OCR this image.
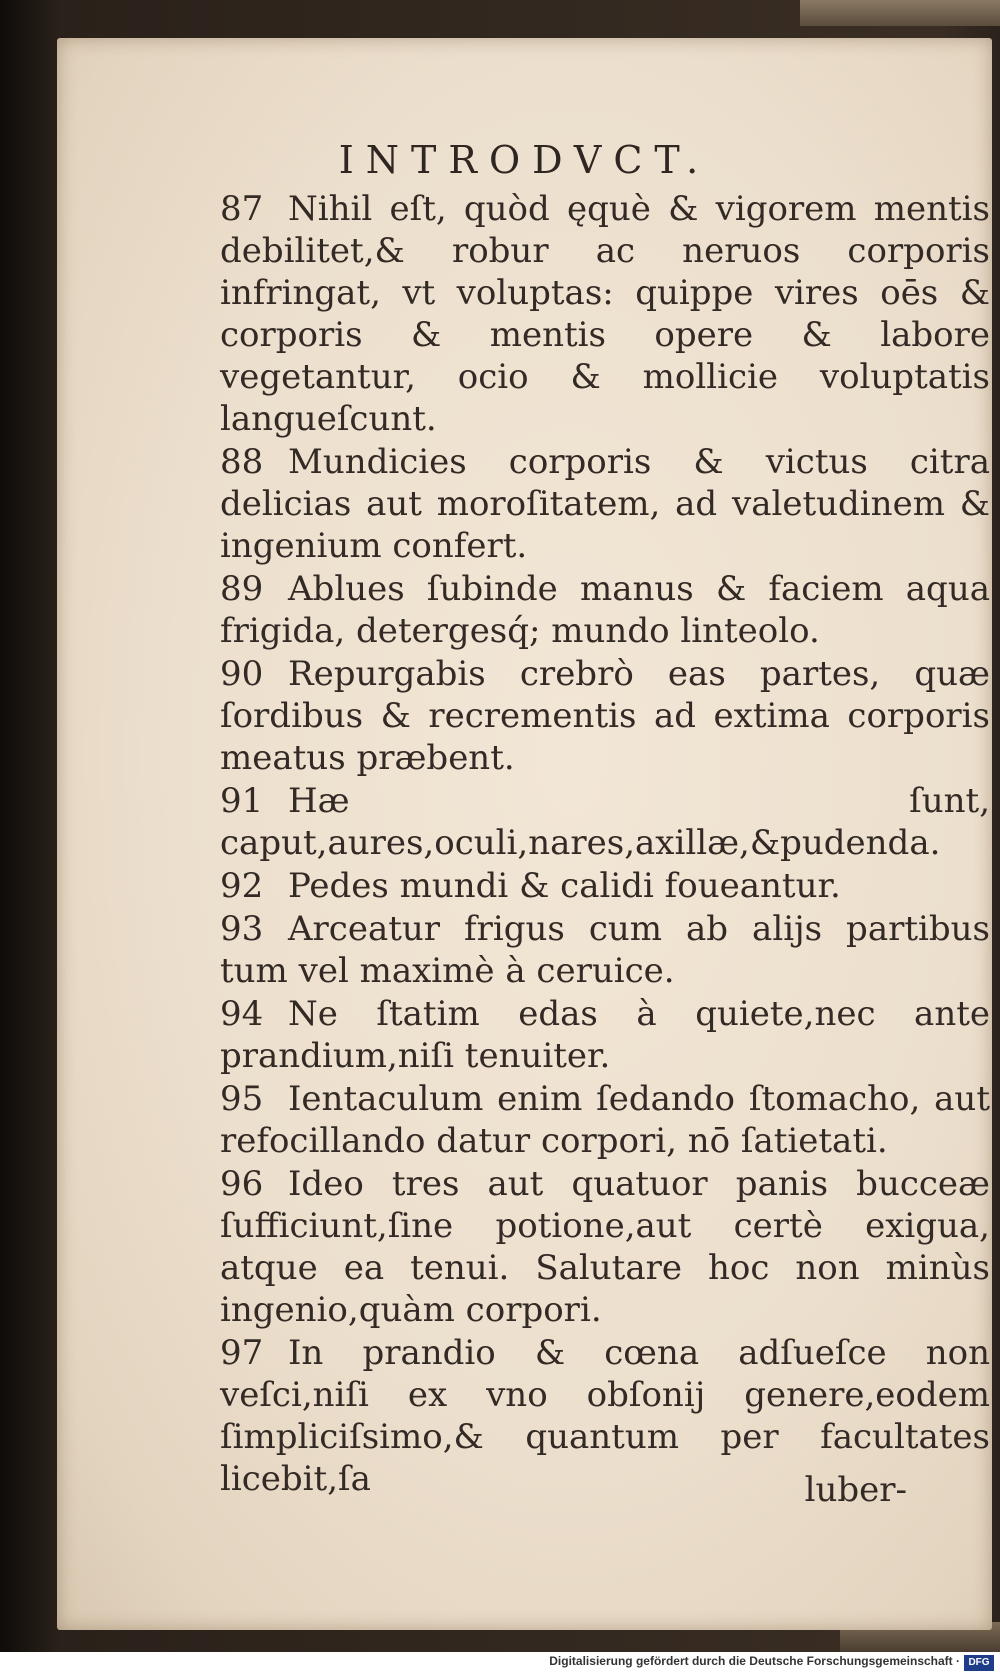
INTRODVCT.

87 Nihil eſt, quòd ęquè & vigorem mentis debilitet,& robur ac neruos corporis infringat, vt voluptas: quippe vires oēs & corporis & mentis opere & labore vegetantur, ocio & mollicie voluptatis langueſcunt.

88 Mundicies corporis & victus citra delicias aut moroſitatem, ad valetudinem & ingenium confert.

89 Ablues ſubinde manus & faciem aqua frigida, detergesq́; mundo linteolo.

90 Repurgabis crebrò eas partes, quæ ſordibus & recrementis ad extima corporis meatus præbent.

91 Hæ ſunt, caput,aures,oculi,nares,axillæ,&pudenda.

92 Pedes mundi & calidi foueantur.

93 Arceatur frigus cum ab alijs partibus tum vel maximè à ceruice.

94 Ne ſtatim edas à quiete,nec ante prandium,niſi tenuiter.

95 Ientaculum enim ſedando ſtomacho, aut refocillando datur corpori, nō ſatietati.

96 Ideo tres aut quatuor panis bucceæ ſufficiunt,ſine potione,aut certè exigua, atque ea tenui. Salutare hoc non minùs ingenio,quàm corpori.

97 In prandio & cœna adſueſce non veſci,niſi ex vno obſonij genere,eodem ſimpliciſsimo,& quantum per facultates licebit,ſa	luber-
Digitalisierung gefördert durch die Deutsche Forschungsgemeinschaft · DFG
